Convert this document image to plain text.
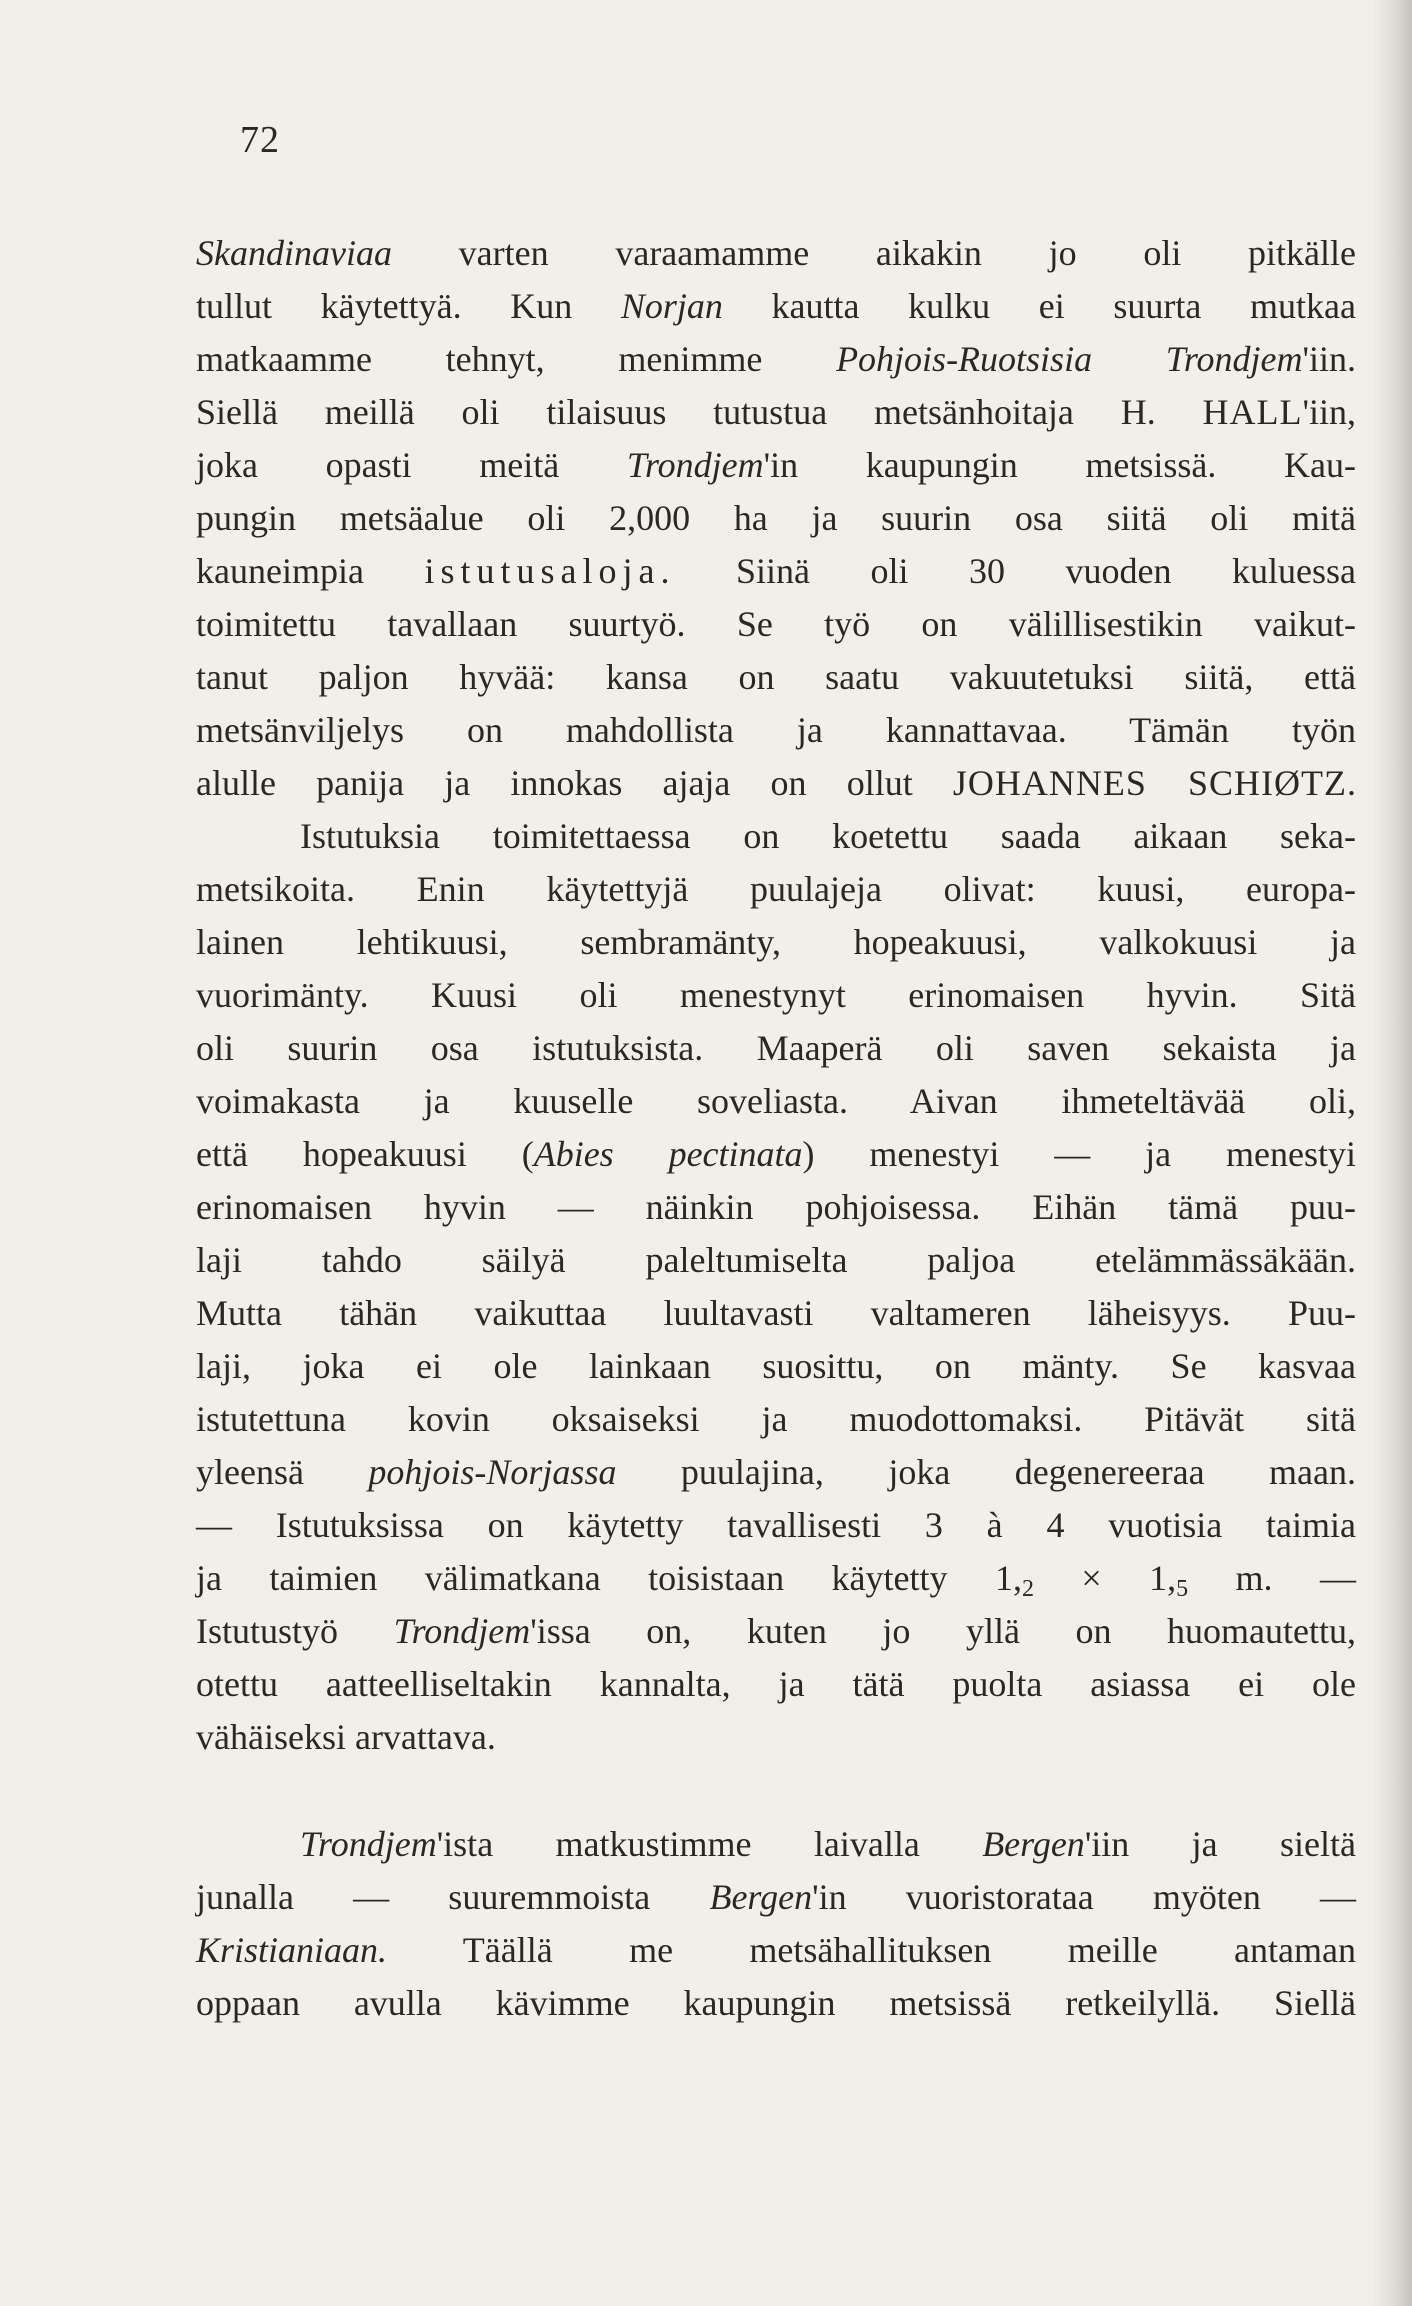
72
Skandinaviaa varten varaamamme aikakin jo oli pitkälle
tullut käytettyä. Kun Norjan kautta kulku ei suurta mutkaa
matkaamme tehnyt, menimme Pohjois-Ruotsisia Trondjem'iin.
Siellä meillä oli tilaisuus tutustua metsänhoitaja H. HALL'iin,
joka opasti meitä Trondjem'in kaupungin metsissä. Kau-
pungin metsäalue oli 2,000 ha ja suurin osa siitä oli mitä
kauneimpia istutusaloja. Siinä oli 30 vuoden kuluessa
toimitettu tavallaan suurtyö. Se työ on välillisestikin vaikut-
tanut paljon hyvää: kansa on saatu vakuutetuksi siitä, että
metsänviljelys on mahdollista ja kannattavaa. Tämän työn
alulle panija ja innokas ajaja on ollut JOHANNES SCHIØTZ.
Istutuksia toimitettaessa on koetettu saada aikaan seka-
metsikoita. Enin käytettyjä puulajeja olivat: kuusi, europa-
lainen lehtikuusi, sembramänty, hopeakuusi, valkokuusi ja
vuorimänty. Kuusi oli menestynyt erinomaisen hyvin. Sitä
oli suurin osa istutuksista. Maaperä oli saven sekaista ja
voimakasta ja kuuselle soveliasta. Aivan ihmeteltävää oli,
että hopeakuusi (Abies pectinata) menestyi — ja menestyi
erinomaisen hyvin — näinkin pohjoisessa. Eihän tämä puu-
laji tahdo säilyä paleltumiselta paljoa etelämmässäkään.
Mutta tähän vaikuttaa luultavasti valtameren läheisyys. Puu-
laji, joka ei ole lainkaan suosittu, on mänty. Se kasvaa
istutettuna kovin oksaiseksi ja muodottomaksi. Pitävät sitä
yleensä pohjois-Norjassa puulajina, joka degenereeraa maan.
— Istutuksissa on käytetty tavallisesti 3 à 4 vuotisia taimia
ja taimien välimatkana toisistaan käytetty $1,_2 \times 1,_5$ m. —
Istutustyö Trondjem'issa on, kuten jo yllä on huomautettu,
otettu aatteelliseltakin kannalta, ja tätä puolta asiassa ei ole
vähäiseksi arvattava.
Trondjem'ista matkustimme laivalla Bergen'iin ja sieltä
junalla — suuremmoista Bergen'in vuoristorataa myöten —
Kristianiaan. Täällä me metsähallituksen meille antaman
oppaan avulla kävimme kaupungin metsissä retkeilyllä. Siellä
